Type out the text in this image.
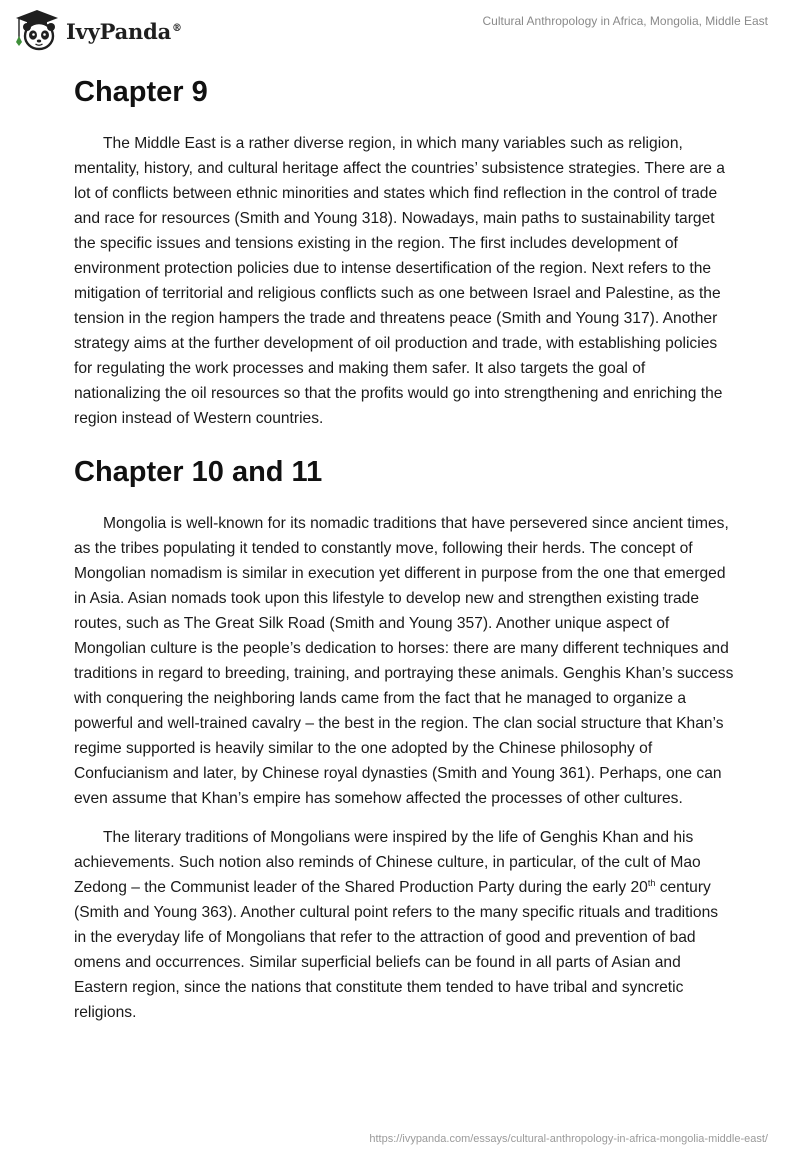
IvyPanda®	Cultural Anthropology in Africa, Mongolia, Middle East
Chapter 9

The Middle East is a rather diverse region, in which many variables such as religion, mentality, history, and cultural heritage affect the countries’ subsistence strategies. There are a lot of conflicts between ethnic minorities and states which find reflection in the control of trade and race for resources (Smith and Young 318). Nowadays, main paths to sustainability target the specific issues and tensions existing in the region. The first includes development of environment protection policies due to intense desertification of the region. Next refers to the mitigation of territorial and religious conflicts such as one between Israel and Palestine, as the tension in the region hampers the trade and threatens peace (Smith and Young 317). Another strategy aims at the further development of oil production and trade, with establishing policies for regulating the work processes and making them safer. It also targets the goal of nationalizing the oil resources so that the profits would go into strengthening and enriching the region instead of Western countries.

Chapter 10 and 11

Mongolia is well-known for its nomadic traditions that have persevered since ancient times, as the tribes populating it tended to constantly move, following their herds. The concept of Mongolian nomadism is similar in execution yet different in purpose from the one that emerged in Asia. Asian nomads took upon this lifestyle to develop new and strengthen existing trade routes, such as The Great Silk Road (Smith and Young 357). Another unique aspect of Mongolian culture is the people’s dedication to horses: there are many different techniques and traditions in regard to breeding, training, and portraying these animals. Genghis Khan’s success with conquering the neighboring lands came from the fact that he managed to organize a powerful and well-trained cavalry – the best in the region. The clan social structure that Khan’s regime supported is heavily similar to the one adopted by the Chinese philosophy of Confucianism and later, by Chinese royal dynasties (Smith and Young 361). Perhaps, one can even assume that Khan’s empire has somehow affected the processes of other cultures.

The literary traditions of Mongolians were inspired by the life of Genghis Khan and his achievements. Such notion also reminds of Chinese culture, in particular, of the cult of Mao Zedong – the Communist leader of the Shared Production Party during the early 20th century (Smith and Young 363). Another cultural point refers to the many specific rituals and traditions in the everyday life of Mongolians that refer to the attraction of good and prevention of bad omens and occurrences. Similar superficial beliefs can be found in all parts of Asian and Eastern region, since the nations that constitute them tended to have tribal and syncretic religions.

https://ivypanda.com/essays/cultural-anthropology-in-africa-mongolia-middle-east/
